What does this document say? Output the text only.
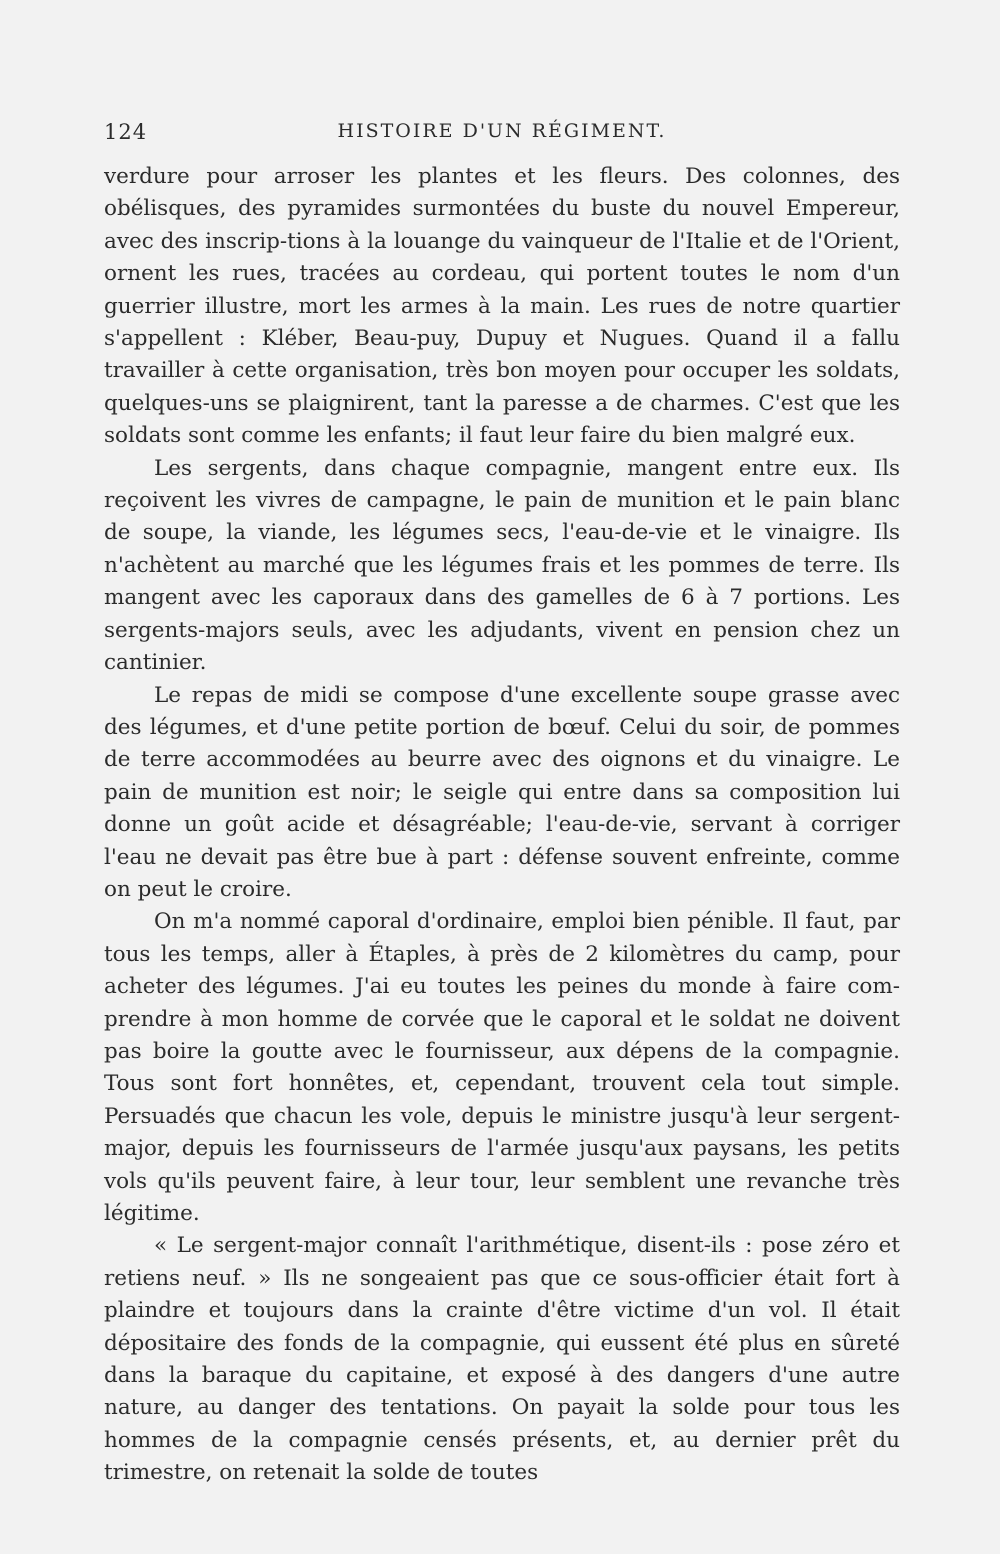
124	HISTOIRE D'UN RÉGIMENT.

verdure pour arroser les plantes et les fleurs. Des colonnes, des obélisques, des pyramides surmontées du buste du nouvel Empereur, avec des inscrip-tions à la louange du vainqueur de l'Italie et de l'Orient, ornent les rues, tracées au cordeau, qui portent toutes le nom d'un guerrier illustre, mort les armes à la main. Les rues de notre quartier s'appellent : Kléber, Beau-puy, Dupuy et Nugues. Quand il a fallu travailler à cette organisation, très bon moyen pour occuper les soldats, quelques-uns se plaignirent, tant la paresse a de charmes. C'est que les soldats sont comme les enfants; il faut leur faire du bien malgré eux.

Les sergents, dans chaque compagnie, mangent entre eux. Ils reçoivent les vivres de campagne, le pain de munition et le pain blanc de soupe, la viande, les légumes secs, l'eau-de-vie et le vinaigre. Ils n'achètent au marché que les légumes frais et les pommes de terre. Ils mangent avec les caporaux dans des gamelles de 6 à 7 portions. Les sergents-majors seuls, avec les adjudants, vivent en pension chez un cantinier.

Le repas de midi se compose d'une excellente soupe grasse avec des légumes, et d'une petite portion de bœuf. Celui du soir, de pommes de terre accommodées au beurre avec des oignons et du vinaigre. Le pain de munition est noir; le seigle qui entre dans sa composition lui donne un goût acide et désagréable; l'eau-de-vie, servant à corriger l'eau ne devait pas être bue à part : défense souvent enfreinte, comme on peut le croire.

On m'a nommé caporal d'ordinaire, emploi bien pénible. Il faut, par tous les temps, aller à Étaples, à près de 2 kilomètres du camp, pour acheter des légumes. J'ai eu toutes les peines du monde à faire com-prendre à mon homme de corvée que le caporal et le soldat ne doivent pas boire la goutte avec le fournisseur, aux dépens de la compagnie. Tous sont fort honnêtes, et, cependant, trouvent cela tout simple. Persuadés que chacun les vole, depuis le ministre jusqu'à leur sergent-major, depuis les fournisseurs de l'armée jusqu'aux paysans, les petits vols qu'ils peuvent faire, à leur tour, leur semblent une revanche très légitime.

« Le sergent-major connaît l'arithmétique, disent-ils : pose zéro et retiens neuf. » Ils ne songeaient pas que ce sous-officier était fort à plaindre et toujours dans la crainte d'être victime d'un vol. Il était dépositaire des fonds de la compagnie, qui eussent été plus en sûreté dans la baraque du capitaine, et exposé à des dangers d'une autre nature, au danger des tentations. On payait la solde pour tous les hommes de la compagnie censés présents, et, au dernier prêt du trimestre, on retenait la solde de toutes
